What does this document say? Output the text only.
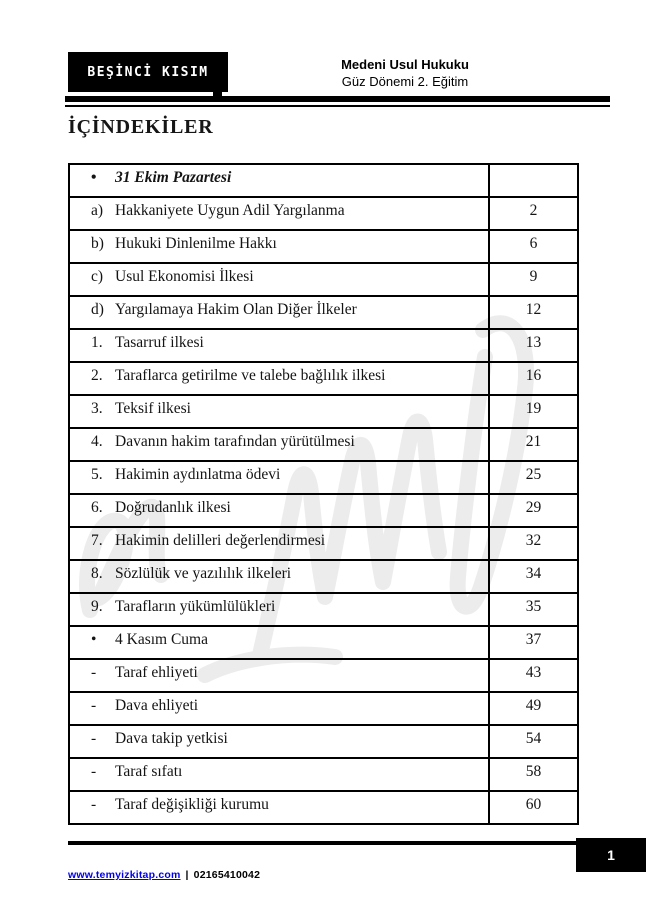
BEŞİNCİ KISIM	Medeni Usul Hukuku
Güz Dönemi 2. Eğitim
İÇİNDEKİLER
•	31 Ekim Pazartesi
a) Hakkaniyete Uygun Adil Yargılanma	2
b) Hukuki Dinlenilme Hakkı	6
c) Usul Ekonomisi İlkesi	9
d) Yargılamaya Hakim Olan Diğer İlkeler	12
1. Tasarruf ilkesi	13
2. Taraflarca getirilme ve talebe bağlılık ilkesi	16
3. Teksif ilkesi	19
4. Davanın hakim tarafından yürütülmesi	21
5. Hakimin aydınlatma ödevi	25
6. Doğrudanlık ilkesi	29
7. Hakimin delilleri değerlendirmesi	32
8. Sözlülük ve yazılılık ilkeleri	34
9. Tarafların yükümlülükleri	35
•	4 Kasım Cuma	37
-	Taraf ehliyeti	43
-	Dava ehliyeti	49
-	Dava takip yetkisi	54
-	Taraf sıfatı	58
-	Taraf değişikliği kurumu	60
1
www.temyizkitap.com | 02165410042
